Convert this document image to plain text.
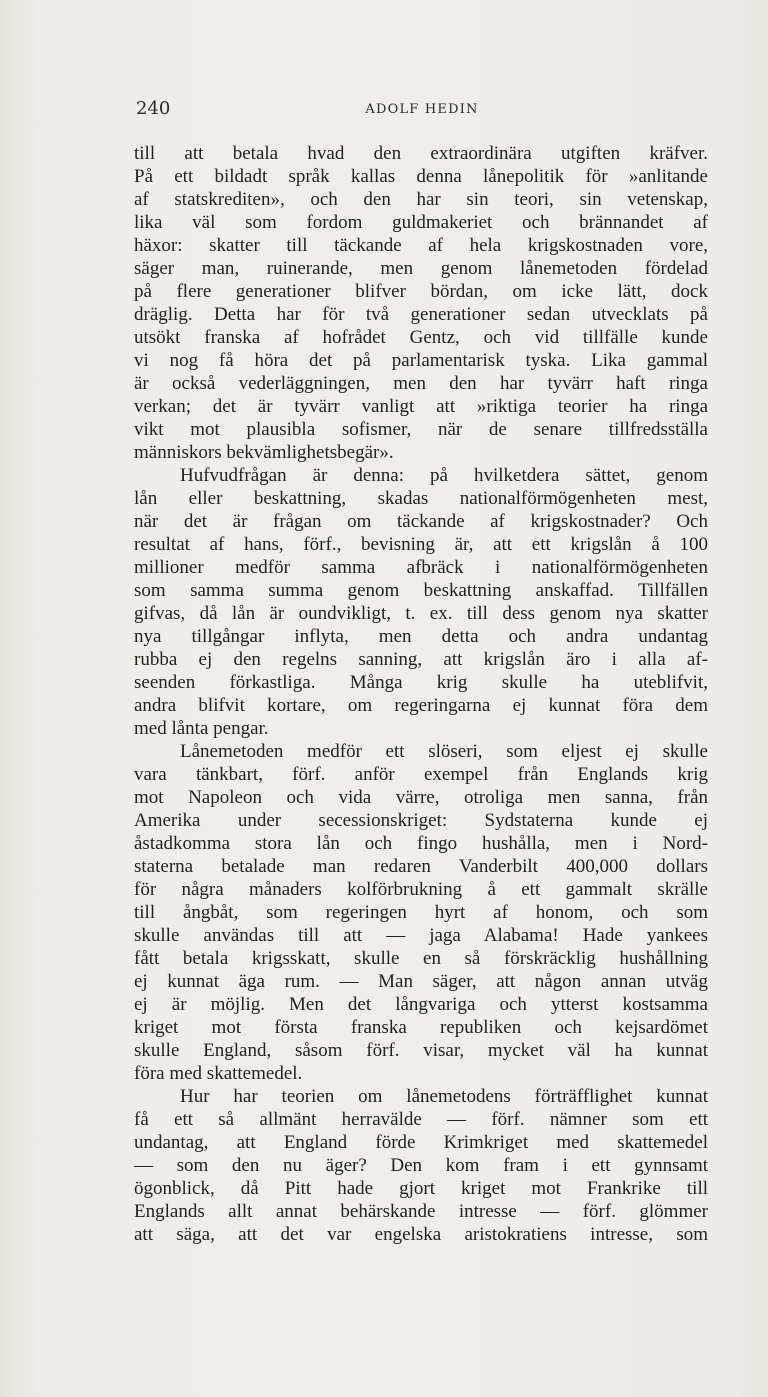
240	ADOLF HEDIN
till att betala hvad den extraordinära utgiften kräfver.
På ett bildadt språk kallas denna lånepolitik för »anlitande
af statskrediten», och den har sin teori, sin vetenskap,
lika väl som fordom guldmakeriet och brännandet af
häxor: skatter till täckande af hela krigskostnaden vore,
säger man, ruinerande, men genom lånemetoden fördelad
på flere generationer blifver bördan, om icke lätt, dock
dräglig. Detta har för två generationer sedan utvecklats på
utsökt franska af hofrådet Gentz, och vid tillfälle kunde
vi nog få höra det på parlamentarisk tyska. Lika gammal
är också vederläggningen, men den har tyvärr haft ringa
verkan; det är tyvärr vanligt att »riktiga teorier ha ringa
vikt mot plausibla sofismer, när de senare tillfredsställa
människors bekvämlighetsbegär».
Hufvudfrågan är denna: på hvilketdera sättet, genom
lån eller beskattning, skadas nationalförmögenheten mest,
när det är frågan om täckande af krigskostnader? Och
resultat af hans, förf., bevisning är, att ett krigslån å 100
millioner medför samma afbräck i nationalförmögenheten
som samma summa genom beskattning anskaffad. Tillfällen
gifvas, då lån är oundvikligt, t. ex. till dess genom nya skatter
nya tillgångar inflyta, men detta och andra undantag
rubba ej den regelns sanning, att krigslån äro i alla af-
seenden förkastliga. Många krig skulle ha uteblifvit,
andra blifvit kortare, om regeringarna ej kunnat föra dem
med lånta pengar.
Lånemetoden medför ett slöseri, som eljest ej skulle
vara tänkbart, förf. anför exempel från Englands krig
mot Napoleon och vida värre, otroliga men sanna, från
Amerika under secessionskriget: Sydstaterna kunde ej
åstadkomma stora lån och fingo hushålla, men i Nord-
staterna betalade man redaren Vanderbilt 400,000 dollars
för några månaders kolförbrukning å ett gammalt skrälle
till ångbåt, som regeringen hyrt af honom, och som
skulle användas till att — jaga Alabama! Hade yankees
fått betala krigsskatt, skulle en så förskräcklig hushållning
ej kunnat äga rum. — Man säger, att någon annan utväg
ej är möjlig. Men det långvariga och ytterst kostsamma
kriget mot första franska republiken och kejsardömet
skulle England, såsom förf. visar, mycket väl ha kunnat
föra med skattemedel.
Hur har teorien om lånemetodens förträfflighet kunnat
få ett så allmänt herravälde — förf. nämner som ett
undantag, att England förde Krimkriget med skattemedel
— som den nu äger? Den kom fram i ett gynnsamt
ögonblick, då Pitt hade gjort kriget mot Frankrike till
Englands allt annat behärskande intresse — förf. glömmer
att säga, att det var engelska aristokratiens intresse, som
